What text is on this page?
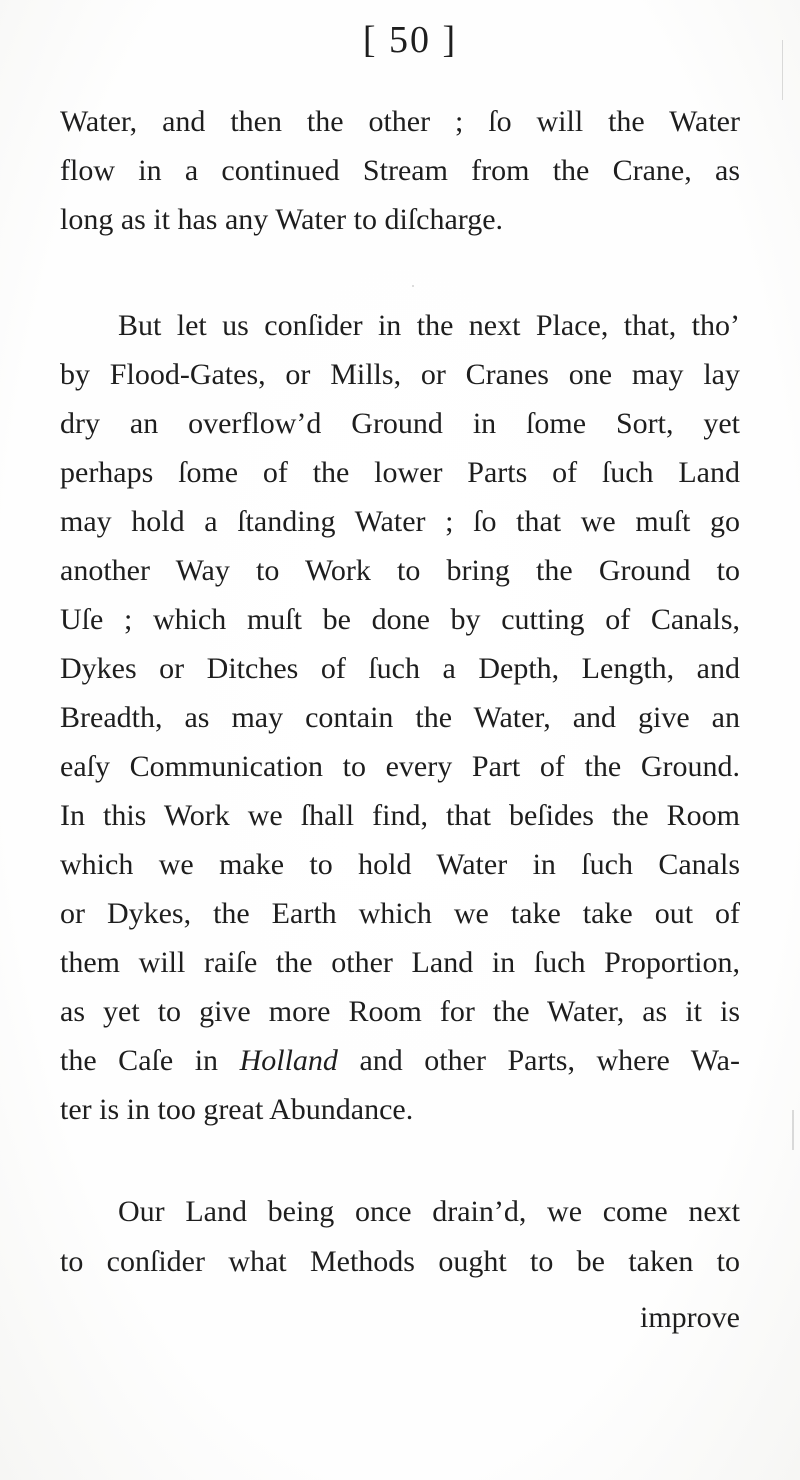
[ 50 ]
Water, and then the other ; ſo will the Water
flow in a continued Stream from the Crane, as
long as it has any Water to diſcharge.
But let us conſider in the next Place, that, tho’
by Flood-Gates, or Mills, or Cranes one may lay
dry an overflow’d Ground in ſome Sort, yet
perhaps ſome of the lower Parts of ſuch Land
may hold a ſtanding Water ; ſo that we muſt go
another Way to Work to bring the Ground to
Uſe ; which muſt be done by cutting of Canals,
Dykes or Ditches of ſuch a Depth, Length, and
Breadth, as may contain the Water, and give an
eaſy Communication to every Part of the Ground.
In this Work we ſhall find, that beſides the Room
which we make to hold Water in ſuch Canals
or Dykes, the Earth which we take take out of
them will raiſe the other Land in ſuch Proportion,
as yet to give more Room for the Water, as it is
the Caſe in Holland and other Parts, where Wa-
ter is in too great Abundance.
Our Land being once drain’d, we come next
to conſider what Methods ought to be taken to
improve
